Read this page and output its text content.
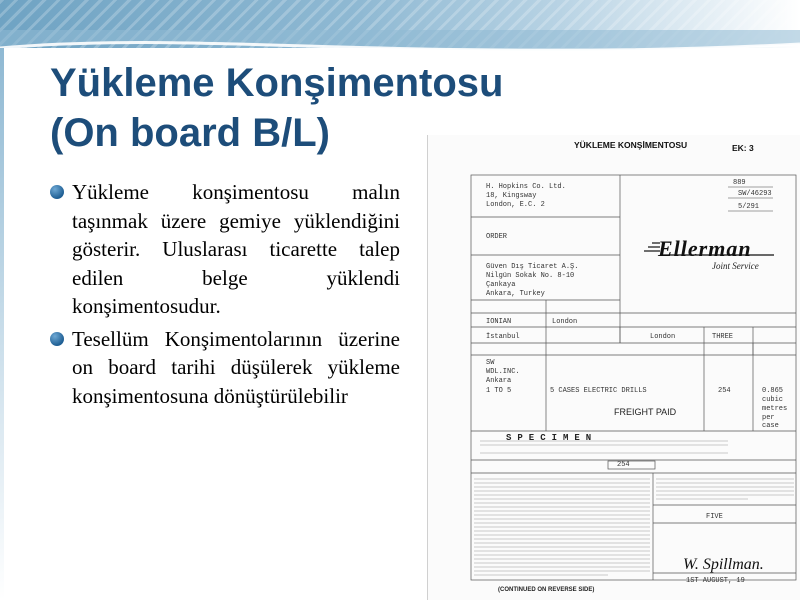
Yükleme Konşimentosu
(On board B/L)
Yükleme konşimentosu malın taşınmak üzere gemiye yüklendiğini gösterir. Uluslarası ticarette talep edilen belge yüklendi konşimentosudur.
Tesellüm Konşimentolarının üzerine on board tarihi düşülerek yükleme konşimentosuna dönüştürülebilir
YÜKLEME KONŞİMENTOSU	EK: 3
889
SW/46293
5/291
H. Hopkins Co. Ltd.
18, Kingsway
London, E.C. 2
ORDER
Güven Dış Ticaret A.Ş.
Nilgün Sokak No. 8-10
Çankaya
Ankara, Turkey
Ellerman
Joint Service
IONIAN	London
İstanbul	London	THREE
SW
WDL.INC.
Ankara
1 TO 5	5 CASES ELECTRIC DRILLS	254	0.865
cubic
metres
per
case
FREIGHT PAID
SPECIMEN
254
FIVE
W. Spillman.
1ST AUGUST, 19
(CONTINUED ON REVERSE SIDE)
